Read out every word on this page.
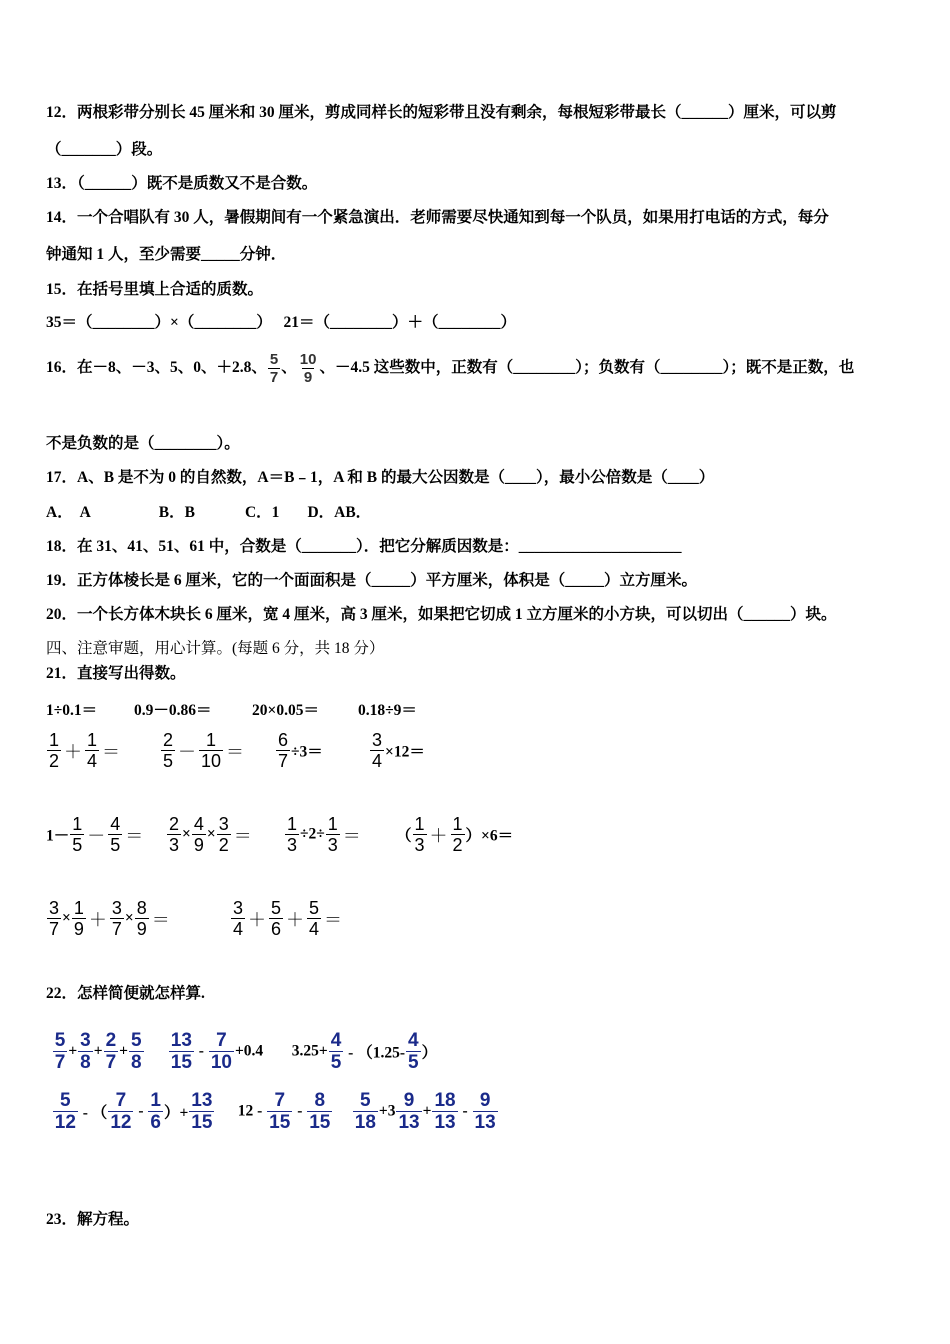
12．两根彩带分别长 45 厘米和 30 厘米，剪成同样长的短彩带且没有剩余，每根短彩带最长（______）厘米，可以剪
（_______）段。
13．（______）既不是质数又不是合数。
14．一个合唱队有 30 人，暑假期间有一个紧急演出．老师需要尽快通知到每一个队员，如果用打电话的方式，每分
钟通知 1 人，至少需要_____分钟．
15．在括号里填上合适的质数。
35＝（________）×（________）   21＝（________）＋（________）
16．在－8、－3、5、0、＋2.8、 $\frac{5}{7}$ 、 $\frac{10}{9}$ 、－4.5 这些数中，正数有（________）；负数有（________）；既不是正数，也
不是负数的是（________）。
17．A、B 是不为 0 的自然数，A＝B﹣1，A 和 B 的最大公因数是（____），最小公倍数是（____）
A．  A	B．B	C．1 D．AB．
18．在 31、41、51、61 中，合数是（_______）．把它分解质因数是：_____________________
19．正方体棱长是 6 厘米，它的一个面面积是（_____）平方厘米，体积是（_____）立方厘米。
20．一个长方体木块长 6 厘米，宽 4 厘米，高 3 厘米，如果把它切成 1 立方厘米的小方块，可以切出（______）块。
四、注意审题，用心计算。(每题 6 分，共 18 分）
21．直接写出得数。
1÷0.1＝ 0.9－0.86＝	20×0.05＝	0.18÷9＝
$\frac{1}{2} + \frac{1}{4} = \frac{2}{5} - \frac{1}{10} = \frac{6}{7} \div 3=$	$\frac{3}{4} \times 12=$
$1- \frac{1}{5} - \frac{4}{5} = \frac{2}{3} \times \frac{4}{9} \times \frac{3}{2} = \frac{1}{3} \div 2\div \frac{1}{3}$ ＝ （ $\frac{1}{3} + \frac{1}{2} )\times 6=$
$\frac{3}{7} \times \frac{1}{9} + \frac{3}{7} \times \frac{8}{9}$ ＝	$\frac{3}{4} + \frac{5}{6} + \frac{5}{4}$ ＝
22．怎样简便就怎样算.

$\frac{5}{7} + \frac{3}{8} + \frac{2}{7} + \frac{5}{8}$

$\frac{13}{15} - \frac{7}{10} +0.4$	$3.25+ \frac{4}{5} - (1.25- \frac{4}{5}$ ）

$\frac{5}{12}$ - （ $\frac{7}{12} - \frac{1}{6}$ ）+ $\frac{13}{15}$	$12 - \frac{7}{15} - \frac{8}{15}$

$\frac{5}{18} +3 \frac{9}{13} + \frac{18}{13} - \frac{9}{13}$

23．解方程。
